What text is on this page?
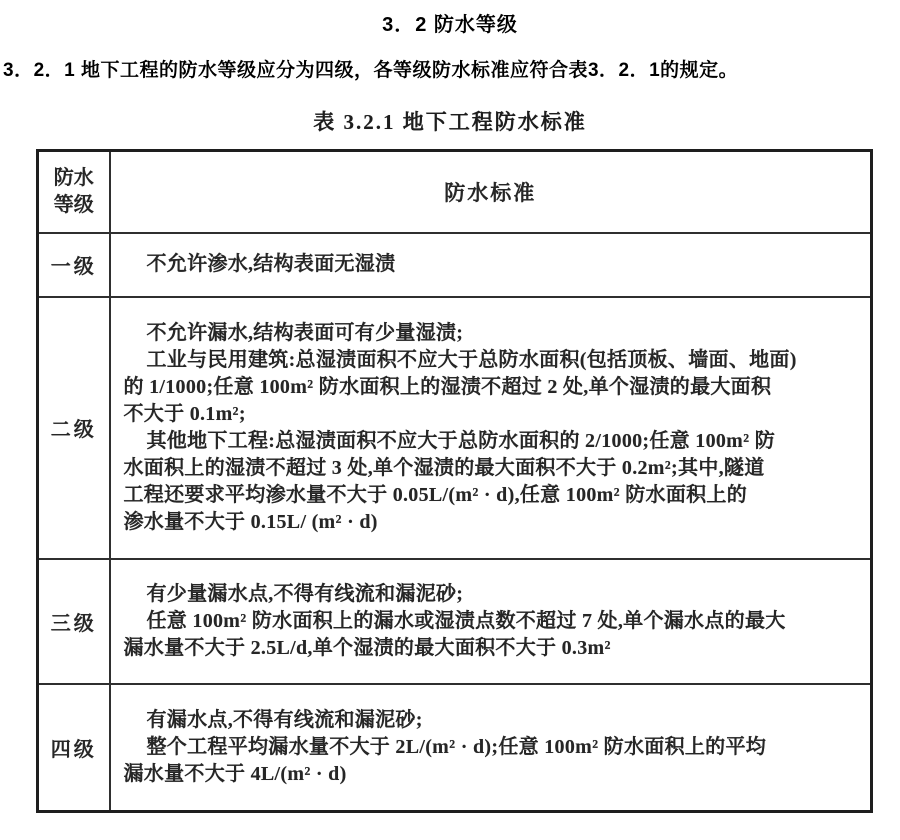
3．2 防水等级

3．2．1 地下工程的防水等级应分为四级，各等级防水标准应符合表3．2．1的规定。

表 3.2.1 地下工程防水标准
防水
等级	防水标准
一级	不允许渗水,结构表面无湿渍

二级	
不允许漏水,结构表面可有少量湿渍;
工业与民用建筑:总湿渍面积不应大于总防水面积(包括顶板、墙面、地面)
的 1/1000;任意 100m² 防水面积上的湿渍不超过 2 处,单个湿渍的最大面积
不大于 0.1m²;
其他地下工程:总湿渍面积不应大于总防水面积的 2/1000;任意 100m² 防
水面积上的湿渍不超过 3 处,单个湿渍的最大面积不大于 0.2m²;其中,隧道
工程还要求平均渗水量不大于 0.05L/(m² · d),任意 100m² 防水面积上的
渗水量不大于 0.15L/ (m² · d)

三级	有少量漏水点,不得有线流和漏泥砂;
任意 100m² 防水面积上的漏水或湿渍点数不超过 7 处,单个漏水点的最大
漏水量不大于 2.5L/d,单个湿渍的最大面积不大于 0.3m²

四级	有漏水点,不得有线流和漏泥砂;
整个工程平均漏水量不大于 2L/(m² · d);任意 100m² 防水面积上的平均
漏水量不大于 4L/(m² · d)
